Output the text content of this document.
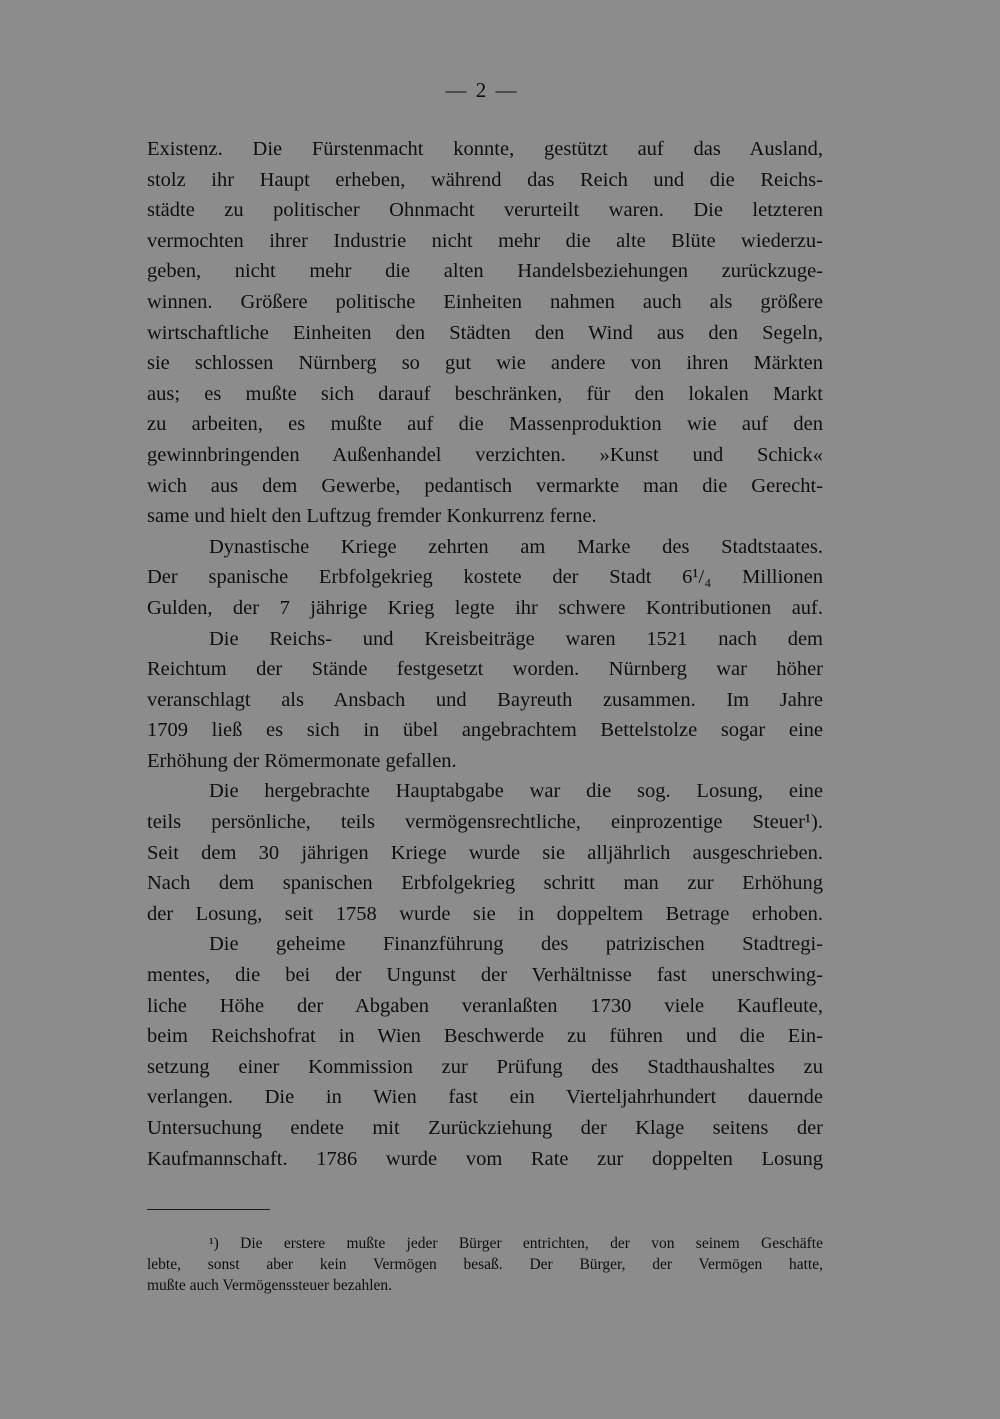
— 2 —
Existenz. Die Fürstenmacht konnte, gestützt auf das Ausland,
stolz ihr Haupt erheben, während das Reich und die Reichs-
städte zu politischer Ohnmacht verurteilt waren. Die letzteren
vermochten ihrer Industrie nicht mehr die alte Blüte wiederzu-
geben, nicht mehr die alten Handelsbeziehungen zurückzuge-
winnen. Größere politische Einheiten nahmen auch als größere
wirtschaftliche Einheiten den Städten den Wind aus den Segeln,
sie schlossen Nürnberg so gut wie andere von ihren Märkten
aus; es mußte sich darauf beschränken, für den lokalen Markt
zu arbeiten, es mußte auf die Massenproduktion wie auf den
gewinnbringenden Außenhandel verzichten. »Kunst und Schick«
wich aus dem Gewerbe, pedantisch vermarkte man die Gerecht-
same und hielt den Luftzug fremder Konkurrenz ferne.
Dynastische Kriege zehrten am Marke des Stadtstaates.
Der spanische Erbfolgekrieg kostete der Stadt 6¹/₄ Millionen
Gulden, der 7 jährige Krieg legte ihr schwere Kontributionen auf.
Die Reichs- und Kreisbeiträge waren 1521 nach dem
Reichtum der Stände festgesetzt worden. Nürnberg war höher
veranschlagt als Ansbach und Bayreuth zusammen. Im Jahre
1709 ließ es sich in übel angebrachtem Bettelstolze sogar eine
Erhöhung der Römermonate gefallen.
Die hergebrachte Hauptabgabe war die sog. Losung, eine
teils persönliche, teils vermögensrechtliche, einprozentige Steuer¹).
Seit dem 30 jährigen Kriege wurde sie alljährlich ausgeschrieben.
Nach dem spanischen Erbfolgekrieg schritt man zur Erhöhung
der Losung, seit 1758 wurde sie in doppeltem Betrage erhoben.
Die geheime Finanzführung des patrizischen Stadtregi-
mentes, die bei der Ungunst der Verhältnisse fast unerschwing-
liche Höhe der Abgaben veranlaßten 1730 viele Kaufleute,
beim Reichshofrat in Wien Beschwerde zu führen und die Ein-
setzung einer Kommission zur Prüfung des Stadthaushaltes zu
verlangen. Die in Wien fast ein Vierteljahrhundert dauernde
Untersuchung endete mit Zurückziehung der Klage seitens der
Kaufmannschaft. 1786 wurde vom Rate zur doppelten Losung
¹) Die erstere mußte jeder Bürger entrichten, der von seinem Geschäfte
lebte, sonst aber kein Vermögen besaß. Der Bürger, der Vermögen hatte,
mußte auch Vermögenssteuer bezahlen.
